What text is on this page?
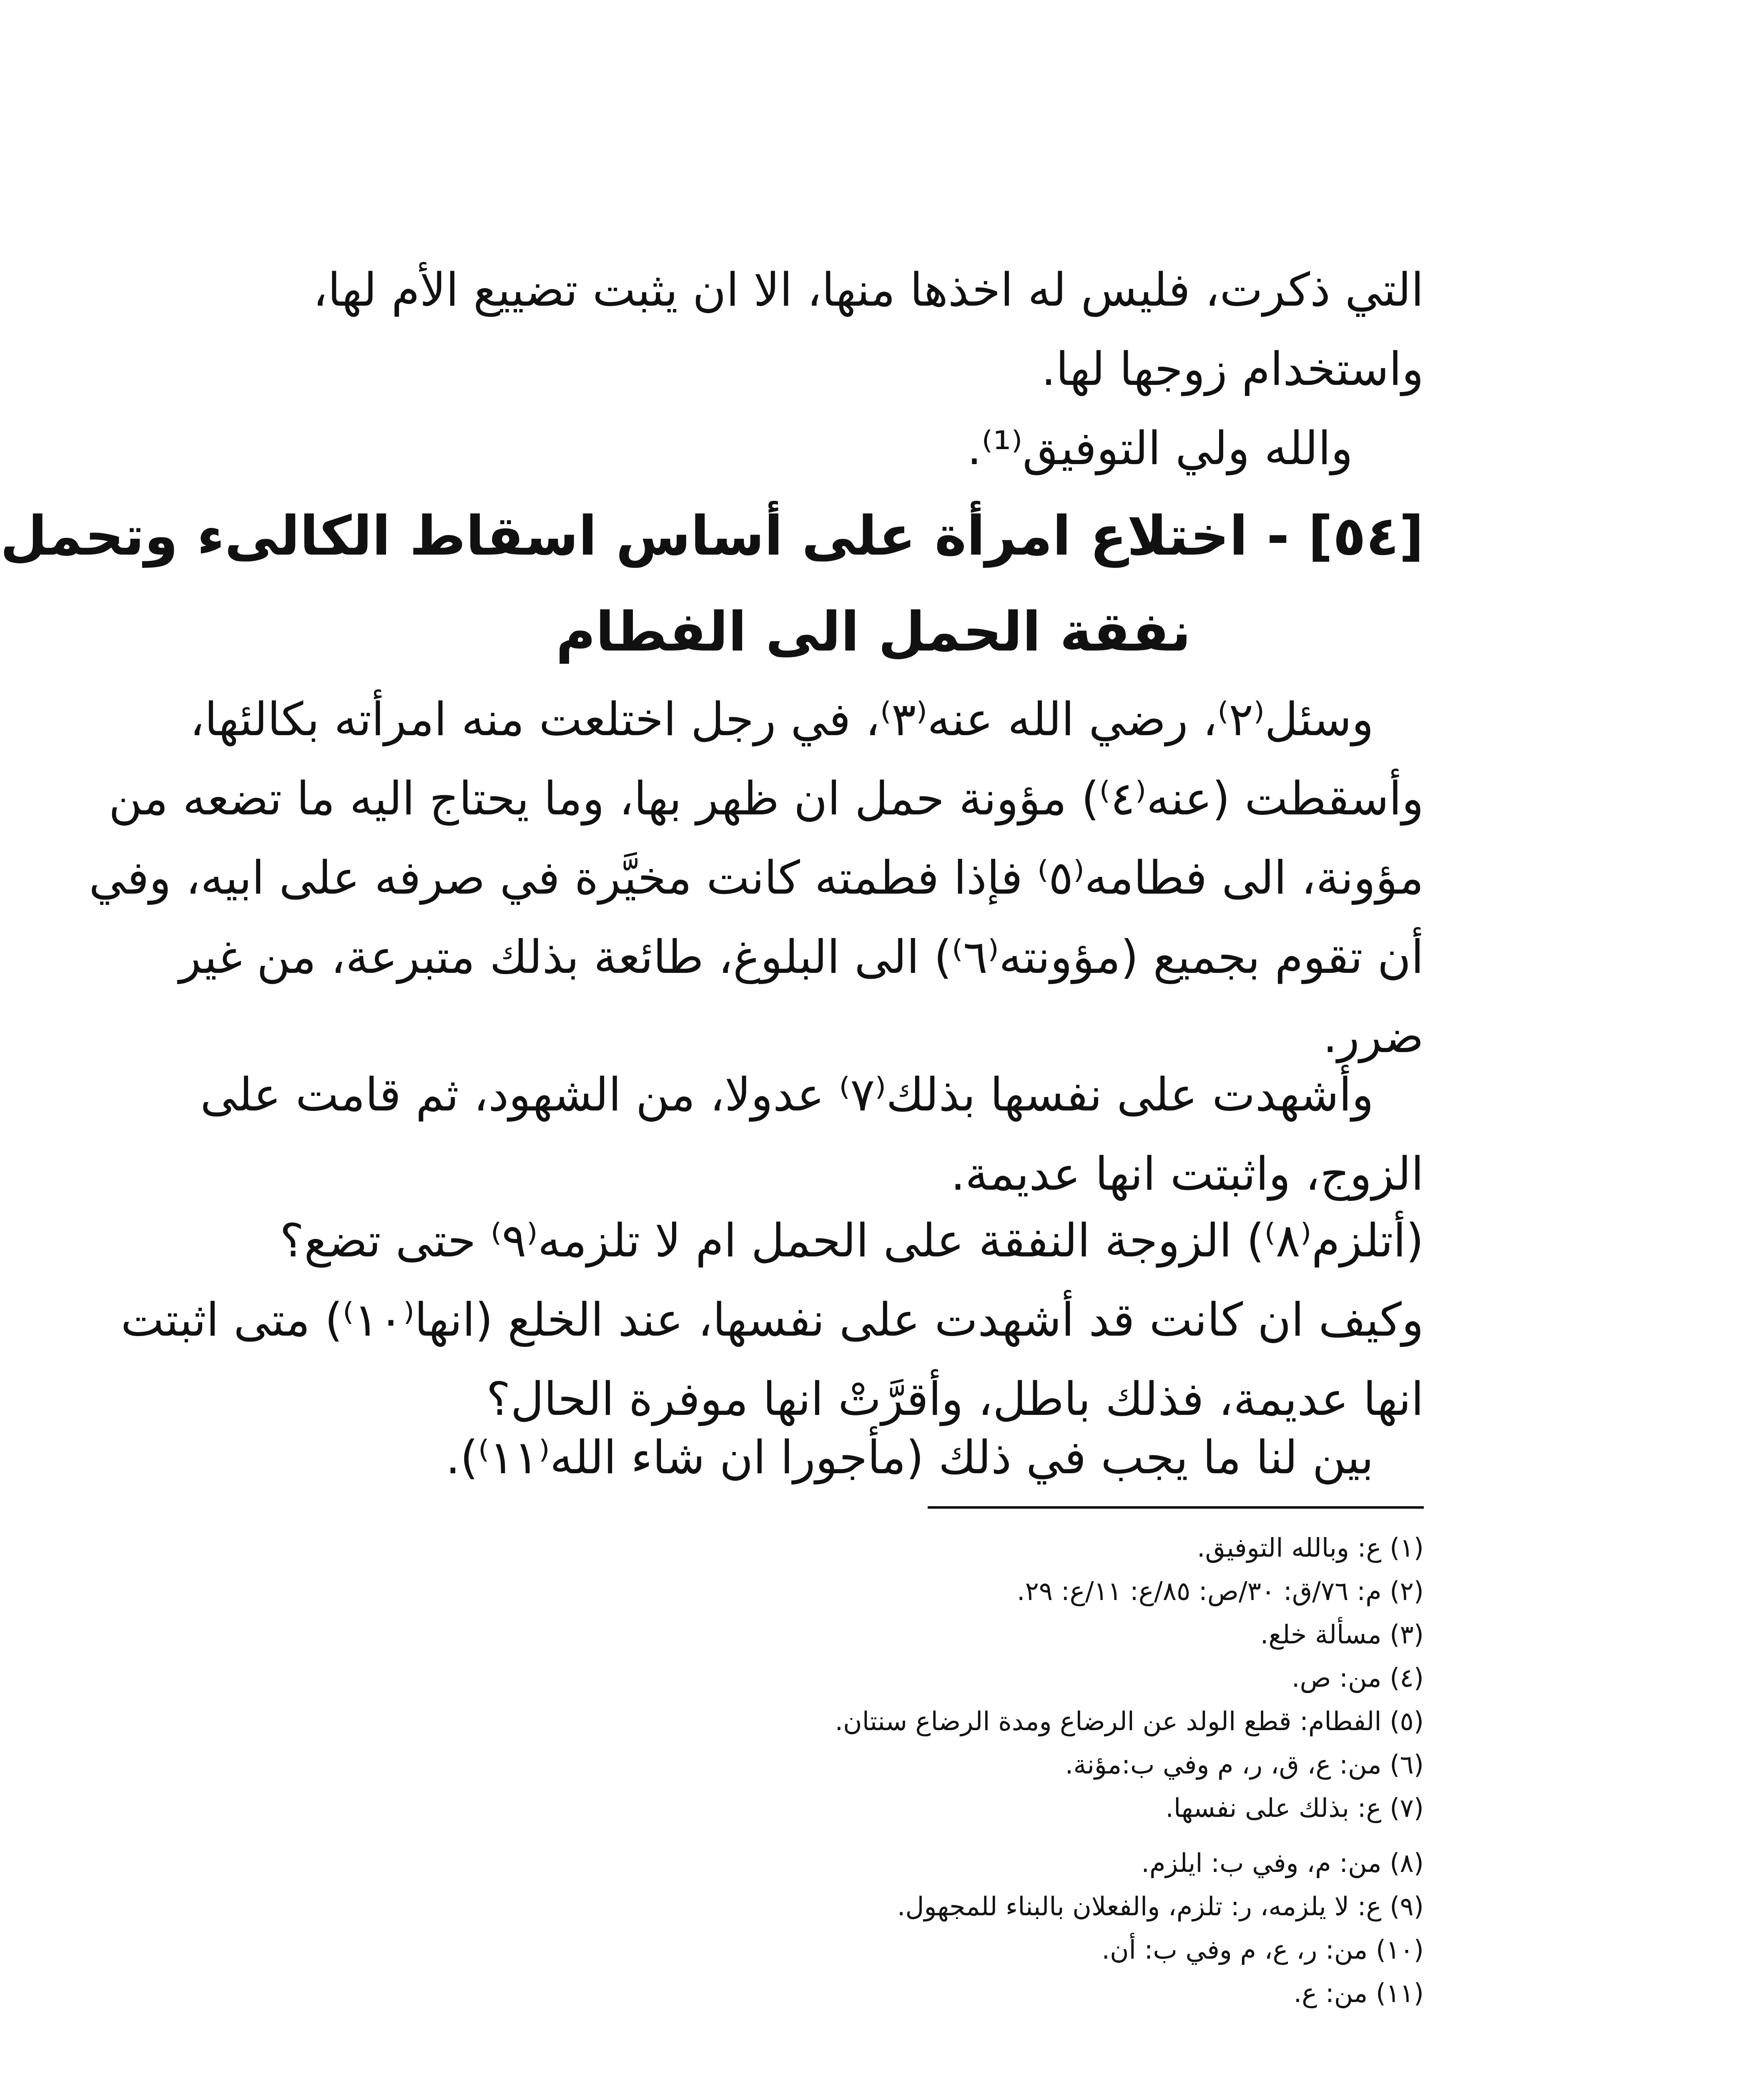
التي ذكرت، فليس له اخذها منها، الا ان يثبت تضييع الأم لها،
واستخدام زوجها لها.
والله ولي التوفيق⁽¹⁾.
[٥٤] - اختلاع امرأة على أساس اسقاط الكالىء وتحمل
نفقة الحمل الى الفطام
وسئل⁽٢⁾، رضي الله عنه⁽٣⁾، في رجل اختلعت منه امرأته بكالئها،
وأسقطت (عنه⁽٤⁾) مؤونة حمل ان ظهر بها، وما يحتاج اليه ما تضعه من
مؤونة، الى فطامه⁽٥⁾ فإذا فطمته كانت مخيَّرة في صرفه على ابيه، وفي
أن تقوم بجميع (مؤونته⁽٦⁾) الى البلوغ، طائعة بذلك متبرعة، من غير
ضرر.
وأشهدت على نفسها بذلك⁽٧⁾ عدولا، من الشهود، ثم قامت على
الزوج، واثبتت انها عديمة.
(أتلزم⁽٨⁾) الزوجة النفقة على الحمل ام لا تلزمه⁽٩⁾ حتى تضع؟
وكيف ان كانت قد أشهدت على نفسها، عند الخلع (انها⁽١٠⁾) متى اثبتت
انها عديمة، فذلك باطل، وأقرَّتْ انها موفرة الحال؟
بين لنا ما يجب في ذلك (مأجورا ان شاء الله⁽١١⁾).
(١) ع: وبالله التوفيق.
(٢) م: ٧٦/ق: ٣٠/ص: ٨٥/ع: ١١/ع: ٢٩.
(٣) مسألة خلع.
(٤) من: ص.
(٥) الفطام: قطع الولد عن الرضاع ومدة الرضاع سنتان.
(٦) من: ع، ق، ر، م وفي ب:مؤنة.
(٧) ع: بذلك على نفسها.
(٨) من: م، وفي ب: ايلزم.
(٩) ع: لا يلزمه، ر: تلزم، والفعلان بالبناء للمجهول.
(١٠) من: ر، ع، م وفي ب: أن.
(١١) من: ع.
